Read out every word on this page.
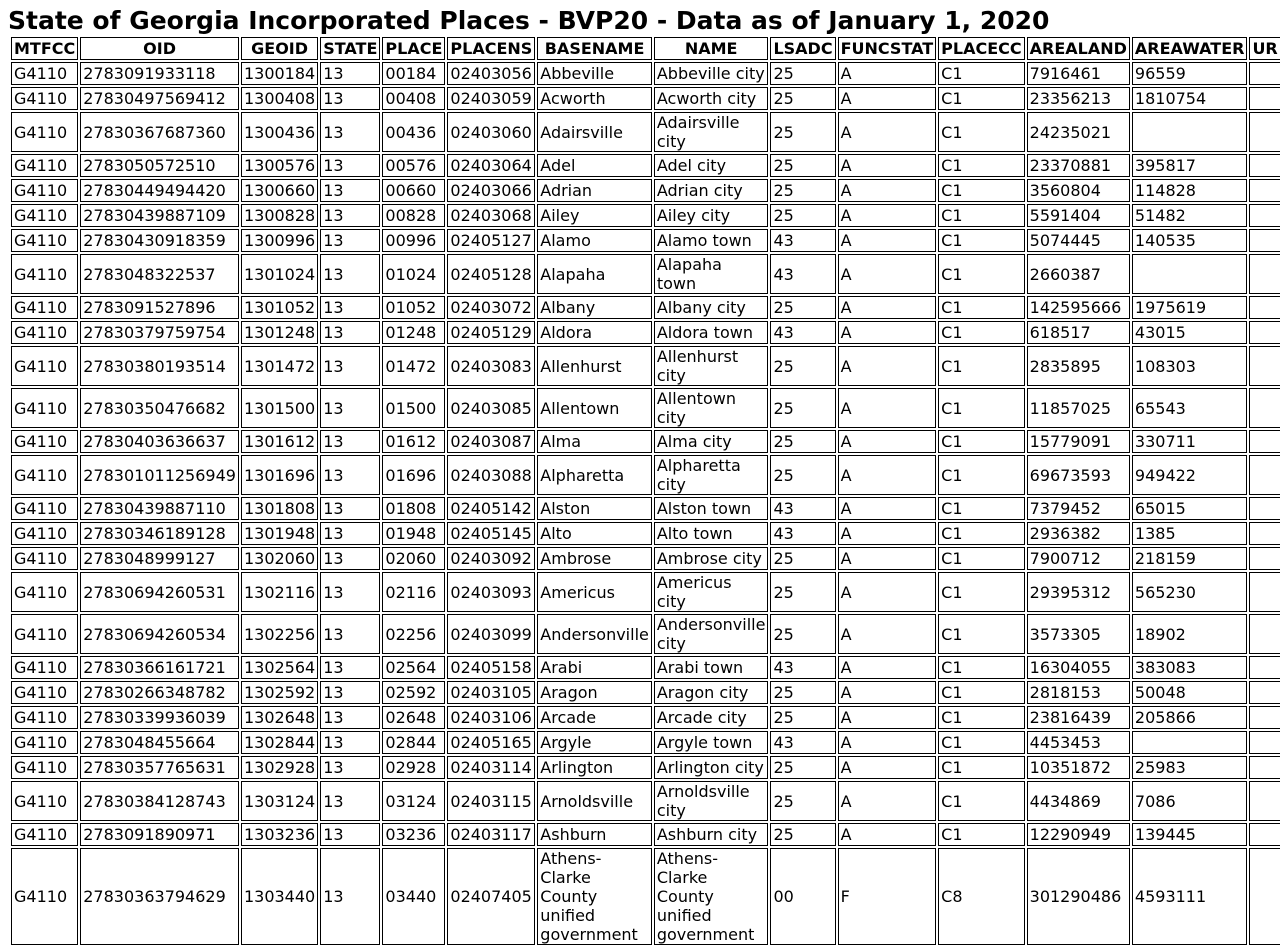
State of Georgia Incorporated Places - BVP20 - Data as of January 1, 2020
MTFCC	OID	GEOID	STATE	PLACE	PLACENS	BASENAME	NAME	LSADC	FUNCSTAT	PLACECC	AREALAND	AREAWATER	UR
G4110	2783091933118	1300184	13	00184	02403056	Abbeville	Abbeville city	25	A	C1	7916461	96559	
G4110	27830497569412	1300408	13	00408	02403059	Acworth	Acworth city	25	A	C1	23356213	1810754	
G4110	27830367687360	1300436	13	00436	02403060	Adairsville	Adairsville city	25	A	C1	24235021		
G4110	2783050572510	1300576	13	00576	02403064	Adel	Adel city	25	A	C1	23370881	395817	
G4110	27830449494420	1300660	13	00660	02403066	Adrian	Adrian city	25	A	C1	3560804	114828	
G4110	27830439887109	1300828	13	00828	02403068	Ailey	Ailey city	25	A	C1	5591404	51482	
G4110	27830430918359	1300996	13	00996	02405127	Alamo	Alamo town	43	A	C1	5074445	140535	
G4110	2783048322537	1301024	13	01024	02405128	Alapaha	Alapaha town	43	A	C1	2660387		
G4110	2783091527896	1301052	13	01052	02403072	Albany	Albany city	25	A	C1	142595666	1975619	
G4110	27830379759754	1301248	13	01248	02405129	Aldora	Aldora town	43	A	C1	618517	43015	
G4110	27830380193514	1301472	13	01472	02403083	Allenhurst	Allenhurst city	25	A	C1	2835895	108303	
G4110	27830350476682	1301500	13	01500	02403085	Allentown	Allentown city	25	A	C1	11857025	65543	
G4110	27830403636637	1301612	13	01612	02403087	Alma	Alma city	25	A	C1	15779091	330711	
G4110	278301011256949	1301696	13	01696	02403088	Alpharetta	Alpharetta city	25	A	C1	69673593	949422	
G4110	27830439887110	1301808	13	01808	02405142	Alston	Alston town	43	A	C1	7379452	65015	
G4110	27830346189128	1301948	13	01948	02405145	Alto	Alto town	43	A	C1	2936382	1385	
G4110	2783048999127	1302060	13	02060	02403092	Ambrose	Ambrose city	25	A	C1	7900712	218159	
G4110	27830694260531	1302116	13	02116	02403093	Americus	Americus city	25	A	C1	29395312	565230	
G4110	27830694260534	1302256	13	02256	02403099	Andersonville	Andersonville city	25	A	C1	3573305	18902	
G4110	27830366161721	1302564	13	02564	02405158	Arabi	Arabi town	43	A	C1	16304055	383083	
G4110	27830266348782	1302592	13	02592	02403105	Aragon	Aragon city	25	A	C1	2818153	50048	
G4110	27830339936039	1302648	13	02648	02403106	Arcade	Arcade city	25	A	C1	23816439	205866	
G4110	2783048455664	1302844	13	02844	02405165	Argyle	Argyle town	43	A	C1	4453453		
G4110	27830357765631	1302928	13	02928	02403114	Arlington	Arlington city	25	A	C1	10351872	25983	
G4110	27830384128743	1303124	13	03124	02403115	Arnoldsville	Arnoldsville city	25	A	C1	4434869	7086	
G4110	2783091890971	1303236	13	03236	02403117	Ashburn	Ashburn city	25	A	C1	12290949	139445	
G4110	27830363794629	1303440	13	03440	02407405	Athens-Clarke County unified government	Athens-Clarke County unified government	00	F	C8	301290486	4593111	
